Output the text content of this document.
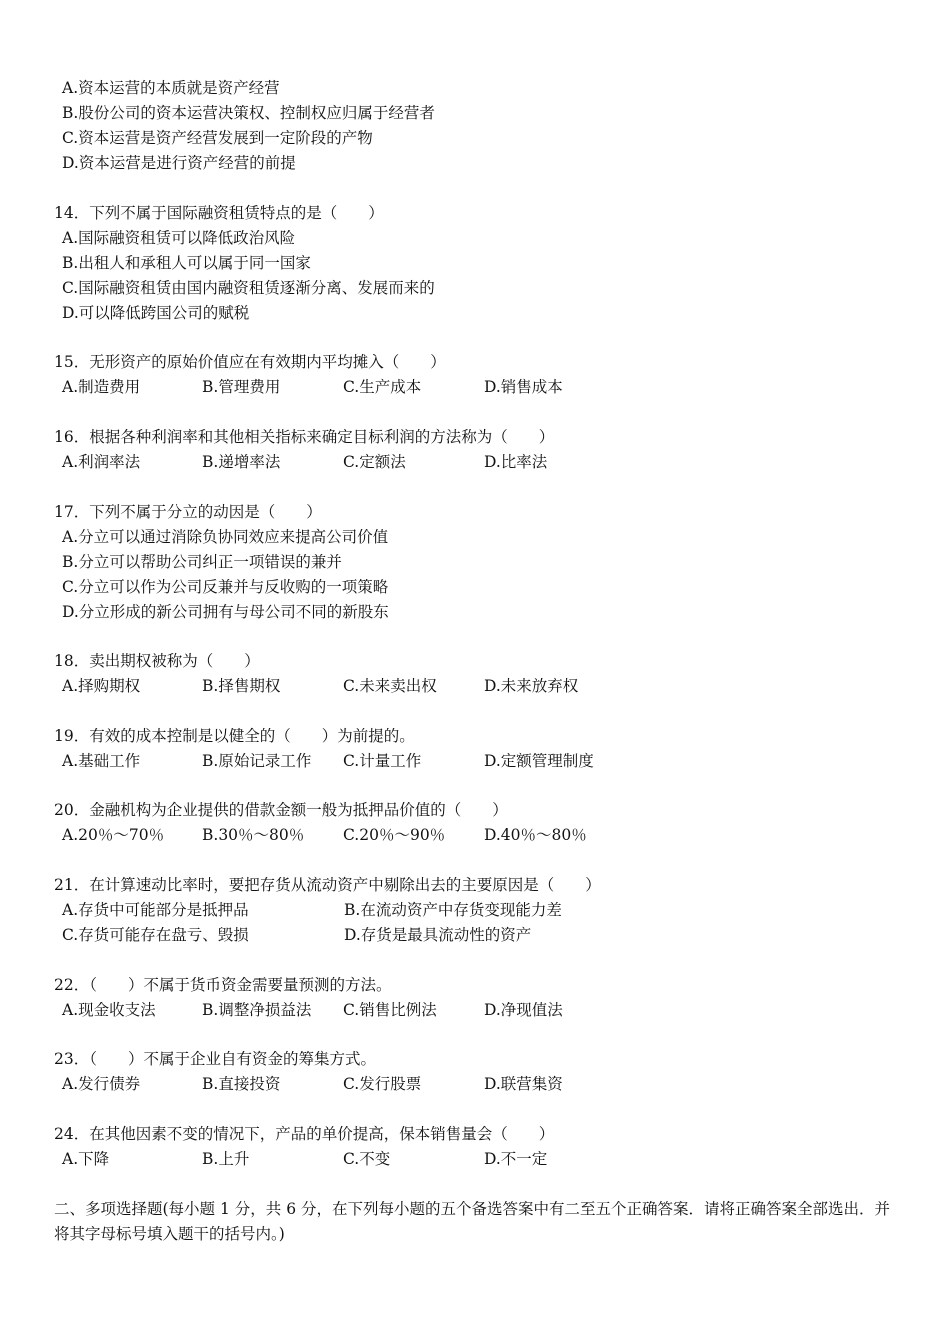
A.资本运营的本质就是资产经营
B.股份公司的资本运营决策权、控制权应归属于经营者
C.资本运营是资产经营发展到一定阶段的产物
D.资本运营是进行资产经营的前提
14．下列不属于国际融资租赁特点的是（　　）
A.国际融资租赁可以降低政治风险
B.出租人和承租人可以属于同一国家
C.国际融资租赁由国内融资租赁逐渐分离、发展而来的
D.可以降低跨国公司的赋税
15．无形资产的原始价值应在有效期内平均摊入（　　）
A.制造费用	B.管理费用	C.生产成本	D.销售成本
16．根据各种利润率和其他相关指标来确定目标利润的方法称为（　　）
A.利润率法	B.递增率法	C.定额法	D.比率法
17．下列不属于分立的动因是（　　）
A.分立可以通过消除负协同效应来提高公司价值
B.分立可以帮助公司纠正一项错误的兼并
C.分立可以作为公司反兼并与反收购的一项策略
D.分立形成的新公司拥有与母公司不同的新股东
18．卖出期权被称为（　　）
A.择购期权	B.择售期权	C.未来卖出权	D.未来放弃权
19．有效的成本控制是以健全的（　　）为前提的。
A.基础工作	B.原始记录工作 C.计量工作	D.定额管理制度
20．金融机构为企业提供的借款金额一般为抵押品价值的（　　）
A.20％～70％ B.30％～80％ C.20％～90％	D.40％～80％
21．在计算速动比率时，要把存货从流动资产中剔除出去的主要原因是（　　）
A.存货中可能部分是抵押品	B.在流动资产中存货变现能力差
C.存货可能存在盘亏、毁损	D.存货是最具流动性的资产
22．（　　）不属于货币资金需要量预测的方法。
A.现金收支法	B.调整净损益法 C.销售比例法	D.净现值法
23．（　　）不属于企业自有资金的筹集方式。
A.发行债券	B.直接投资	C.发行股票	D.联营集资
24．在其他因素不变的情况下，产品的单价提高，保本销售量会（　　）
A.下降	B.上升	C.不变	D.不一定
二、多项选择题(每小题 1 分，共 6 分，在下列每小题的五个备选答案中有二至五个正确答案．请将正确答案全部选出．并将其字母标号填入题干的括号内。)
